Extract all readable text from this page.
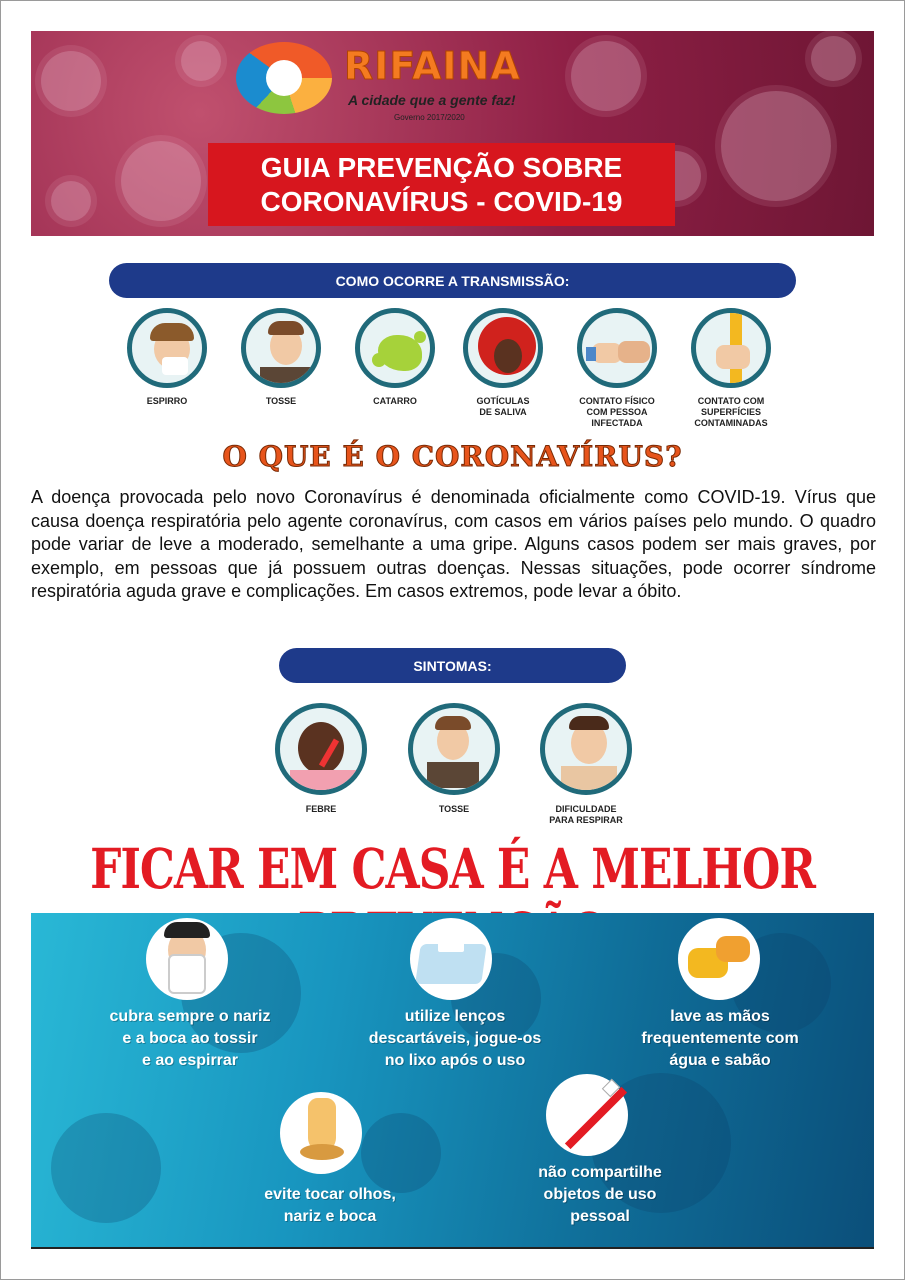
RIFAINA
A cidade que a gente faz!
Governo 2017/2020
GUIA PREVENÇÃO SOBRE
CORONAVÍRUS - COVID-19
COMO OCORRE A TRANSMISSÃO:
ESPIRRO	TOSSE	CATARRO	GOTÍCULAS
DE SALIVA
CONTATO FÍSICO
COM PESSOA
INFECTADA
CONTATO COM
SUPERFÍCIES
CONTAMINADAS
O QUE É O CORONAVÍRUS?
A doença provocada pelo novo Coronavírus é denominada oficialmente como COVID-19. Vírus que causa doença respiratória pelo agente coronavírus, com casos em vários países pelo mundo. O quadro pode variar de leve a moderado, semelhante a uma gripe. Alguns casos podem ser mais graves, por exemplo, em pessoas que já possuem outras doenças. Nessas situações, pode ocorrer síndrome respiratória aguda grave e complicações. Em casos extremos, pode levar a óbito.
SINTOMAS:
FEBRE	TOSSE	DIFICULDADE
PARA RESPIRAR
FICAR EM CASA É A MELHOR
cubra sempre o nariz
e a boca ao tossir
e ao espirrar
utilize lenços
descartáveis, jogue-os
no lixo após o uso
lave as mãos
frequentemente com
água e sabão
evite tocar olhos,
nariz e boca
não compartilhe
objetos de uso
pessoal
